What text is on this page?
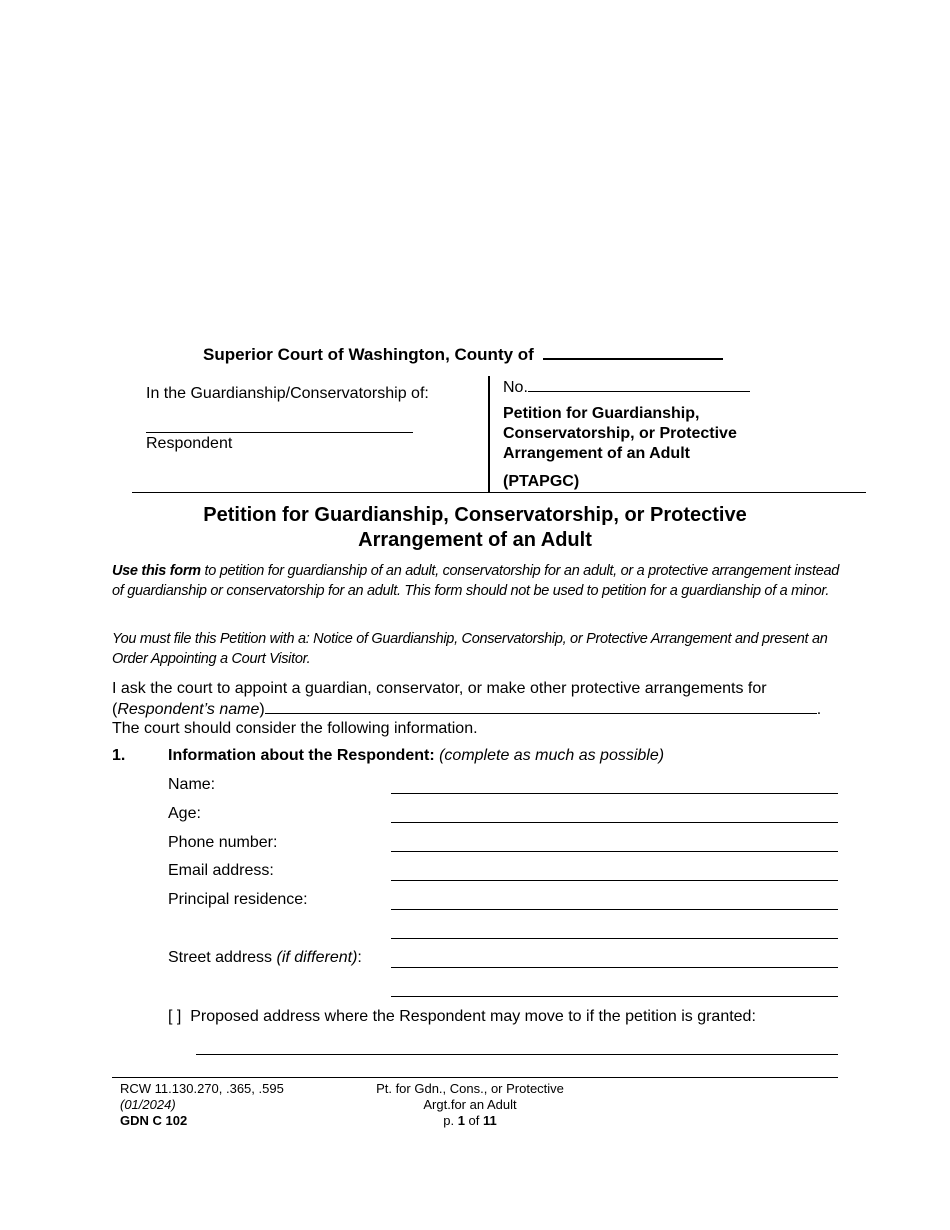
Superior Court of Washington, County of
In the Guardianship/Conservatorship of:
Respondent
No.
Petition for Guardianship, Conservatorship, or Protective Arrangement of an Adult
(PTAPGC)
Petition for Guardianship, Conservatorship, or Protective
Arrangement of an Adult
Use this form to petition for guardianship of an adult, conservatorship for an adult, or a protective arrangement instead of guardianship or conservatorship for an adult. This form should not be used to petition for a guardianship of a minor.
You must file this Petition with a: Notice of Guardianship, Conservatorship, or Protective Arrangement and present an Order Appointing a Court Visitor.
I ask the court to appoint a guardian, conservator, or make other protective arrangements for
(Respondent’s name)	.
The court should consider the following information.
1.	Information about the Respondent: (complete as much as possible)
Name:
Age:
Phone number:
Email address:
Principal residence:
Street address (if different):
[ ] Proposed address where the Respondent may move to if the petition is granted:
RCW 11.130.270, .365, .595
(01/2024)
GDN C 102
Pt. for Gdn., Cons., or Protective
Argt.for an Adult
p. 1 of 11
